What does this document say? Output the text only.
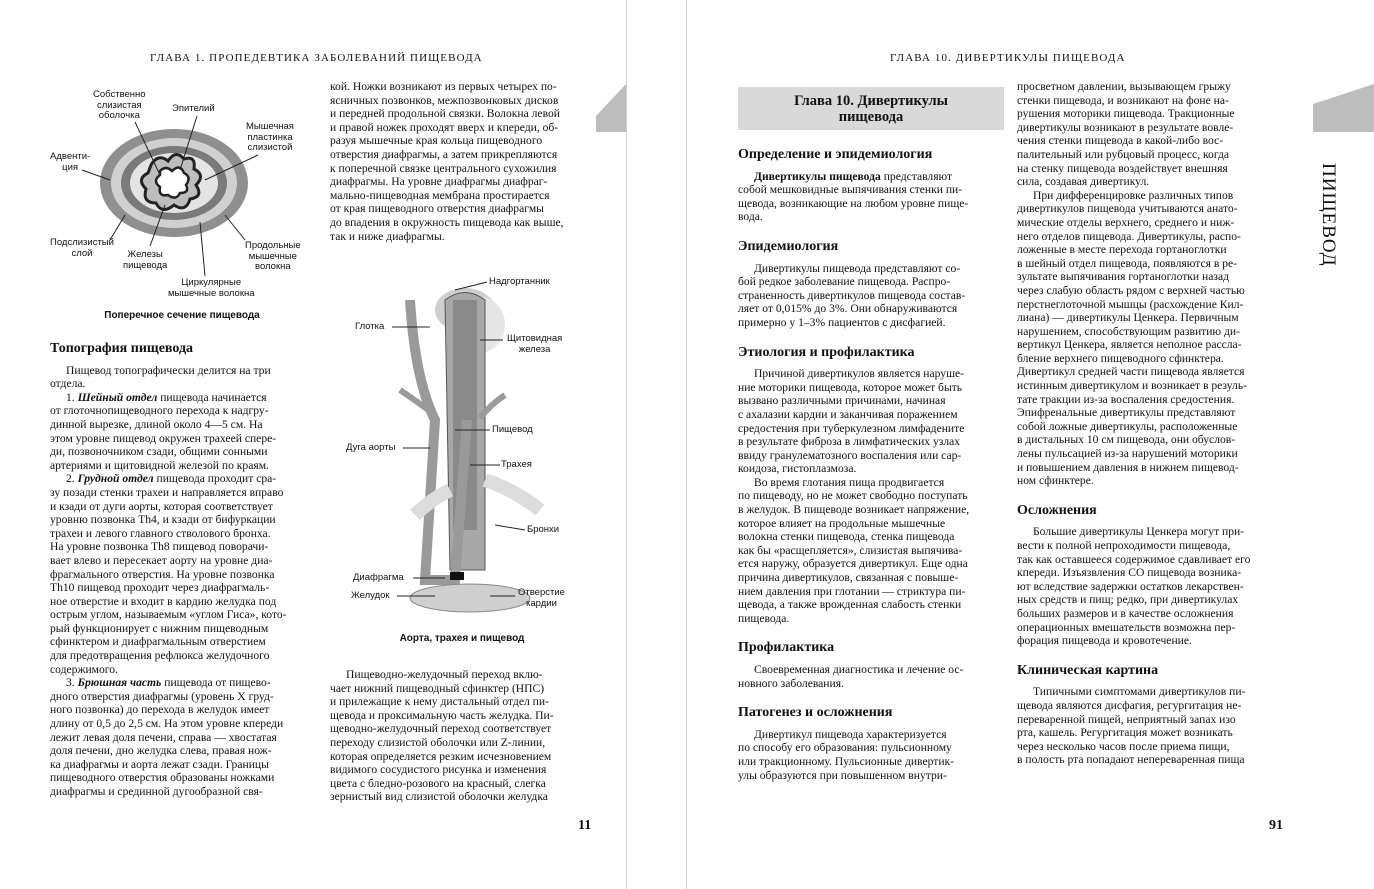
ГЛАВА 1. ПРОПЕДЕВТИКА ЗАБОЛЕВАНИЙ ПИЩЕВОДА
Собственно
слизистая
оболочка
Эпителий
Мышечная
пластинка
слизистой
Адвенти-
ция
Подслизистый
слой	Железы
пищевода
Продольные
мышечные
волокна
Циркулярные
мышечные волокна
Поперечное сечение пищевода

кой. Ножки возникают из первых четырех по-

ясничных позвонков, межпозвонковых дисков

и передней продольной связки. Волокна левой

и правой ножек проходят вверх и кпереди, об-

разуя мышечные края кольца пищеводного

отверстия диафрагмы, а затем прикрепляются

к поперечной связке центрального сухожилия

диафрагмы. На уровне диафрагмы диафраг-

мально-пищеводная мембрана простирается

от края пищеводного отверстия диафрагмы

до впадения в окружность пищевода как выше,

так и ниже диафрагмы.

Надгортанник
Глотка
Щитовидная
железа
Пищевод
Дуга аорты
Трахея
Бронхи
Диафрагма
Желудок	Отверстие
кардии
Аорта, трахея и пищевод
Топография пищевода

Пищевод топографически делится на три

отдела.

1. Шейный отдел пищевода начинается

от глоточнопищеводного перехода к надгру-

динной вырезке, длиной около 4—5 см. На

этом уровне пищевод окружен трахеей спере-

ди, позвоночником сзади, общими сонными

артериями и щитовидной железой по краям.

2. Грудной отдел пищевода проходит сра-

зу позади стенки трахеи и направляется вправо

и кзади от дуги аорты, которая соответствует

уровню позвонка Th4, и кзади от бифуркации

трахеи и левого главного стволового бронха.

На уровне позвонка Th8 пищевод поворачи-

вает влево и пересекает аорту на уровне диа-

фрагмального отверстия. На уровне позвонка

Th10 пищевод проходит через диафрагмаль-

ное отверстие и входит в кардию желудка под

острым углом, называемым «углом Гиса», кото-

рый функционирует с нижним пищеводным

сфинктером и диафрагмальным отверстием

для предотвращения рефлюкса желудочного

содержимого.

3. Брюшная часть пищевода от пищево-

дного отверстия диафрагмы (уровень X груд-

ного позвонка) до перехода в желудок имеет

длину от 0,5 до 2,5 см. На этом уровне кпереди

лежит левая доля печени, справа — хвостатая

доля печени, дно желудка слева, правая нож-

ка диафрагмы и аорта лежат сзади. Границы

пищеводного отверстия образованы ножками

диафрагмы и срединной дугообразной свя-

Пищеводно-желудочный переход вклю-

чает нижний пищеводный сфинктер (НПС)

и прилежащие к нему дистальный отдел пи-

щевода и проксимальную часть желудка. Пи-

щеводно-желудочный переход соответствует

переходу слизистой оболочки или Z-линии,

которая определяется резким исчезновением

видимого сосудистого рисунка и изменения

цвета с бледно-розового на красный, слегка

зернистый вид слизистой оболочки желудка

11
ГЛАВА 10. ДИВЕРТИКУЛЫ ПИЩЕВОДА
91
ПИЩЕВОД
Глава 10. Дивертикулы
пищевода
Определение и эпидемиология

Дивертикулы пищевода представляют

собой мешковидные выпячивания стенки пи-

щевода, возникающие на любом уровне пище-

вода.

Эпидемиология

Дивертикулы пищевода представляют со-

бой редкое заболевание пищевода. Распро-

страненность дивертикулов пищевода состав-

ляет от 0,015% до 3%. Они обнаруживаются

примерно у 1–3% пациентов с дисфагией.

Этиология и профилактика

Причиной дивертикулов является наруше-

ние моторики пищевода, которое может быть

вызвано различными причинами, начиная

с ахалазии кардии и заканчивая поражением

средостения при туберкулезном лимфадените

в результате фиброза в лимфатических узлах

ввиду гранулематозного воспаления или сар-

коидоза, гистоплазмоза.

Во время глотания пища продвигается

по пищеводу, но не может свободно поступать

в желудок. В пищеводе возникает напряжение,

которое влияет на продольные мышечные

волокна стенки пищевода, стенка пищевода

как бы «расщепляется», слизистая выпячива-

ется наружу, образуется дивертикул. Еще одна

причина дивертикулов, связанная с повыше-

нием давления при глотании — стриктура пи-

щевода, а также врожденная слабость стенки

пищевода.

Профилактика

Своевременная диагностика и лечение ос-

новного заболевания.

Патогенез и осложнения

Дивертикул пищевода характеризуется

по способу его образования: пульсионному

или тракционному. Пульсионные дивертик-

улы образуются при повышенном внутри-

просветном давлении, вызывающем грыжу

стенки пищевода, и возникают на фоне на-

рушения моторики пищевода. Тракционные

дивертикулы возникают в результате вовле-

чения стенки пищевода в какой-либо вос-

палительный или рубцовый процесс, когда

на стенку пищевода воздействует внешняя

сила, создавая дивертикул.

При дифференцировке различных типов

дивертикулов пищевода учитываются анато-

мические отделы верхнего, среднего и ниж-

него отделов пищевода. Дивертикулы, распо-

ложенные в месте перехода гортаноглотки

в шейный отдел пищевода, появляются в ре-

зультате выпячивания гортаноглотки назад

через слабую область рядом с верхней частью

перстнеглоточной мышцы (расхождение Кил-

лиана) — дивертикулы Ценкера. Первичным

нарушением, способствующим развитию ди-

вертикул Ценкера, является неполное рассла-

бление верхнего пищеводного сфинктера.

Дивертикул средней части пищевода является

истинным дивертикулом и возникает в резуль-

тате тракции из-за воспаления средостения.

Эпифренальные дивертикулы представляют

собой ложные дивертикулы, расположенные

в дистальных 10 см пищевода, они обуслов-

лены пульсацией из-за нарушений моторики

и повышением давления в нижнем пищевод-

ном сфинктере.

Осложнения

Большие дивертикулы Ценкера могут при-

вести к полной непроходимости пищевода,

так как оставшееся содержимое сдавливает его

кпереди. Изъязвления СО пищевода возника-

ют вследствие задержки остатков лекарствен-

ных средств и пищ; редко, при дивертикулах

больших размеров и в качестве осложнения

операционных вмешательств возможна пер-

форация пищевода и кровотечение.

Клиническая картина

Типичными симптомами дивертикулов пи-

щевода являются дисфагия, регургитация не-

переваренной пищей, неприятный запах изо

рта, кашель. Регургитация может возникать

через несколько часов после приема пищи,

в полость рта попадают непереваренная пища
